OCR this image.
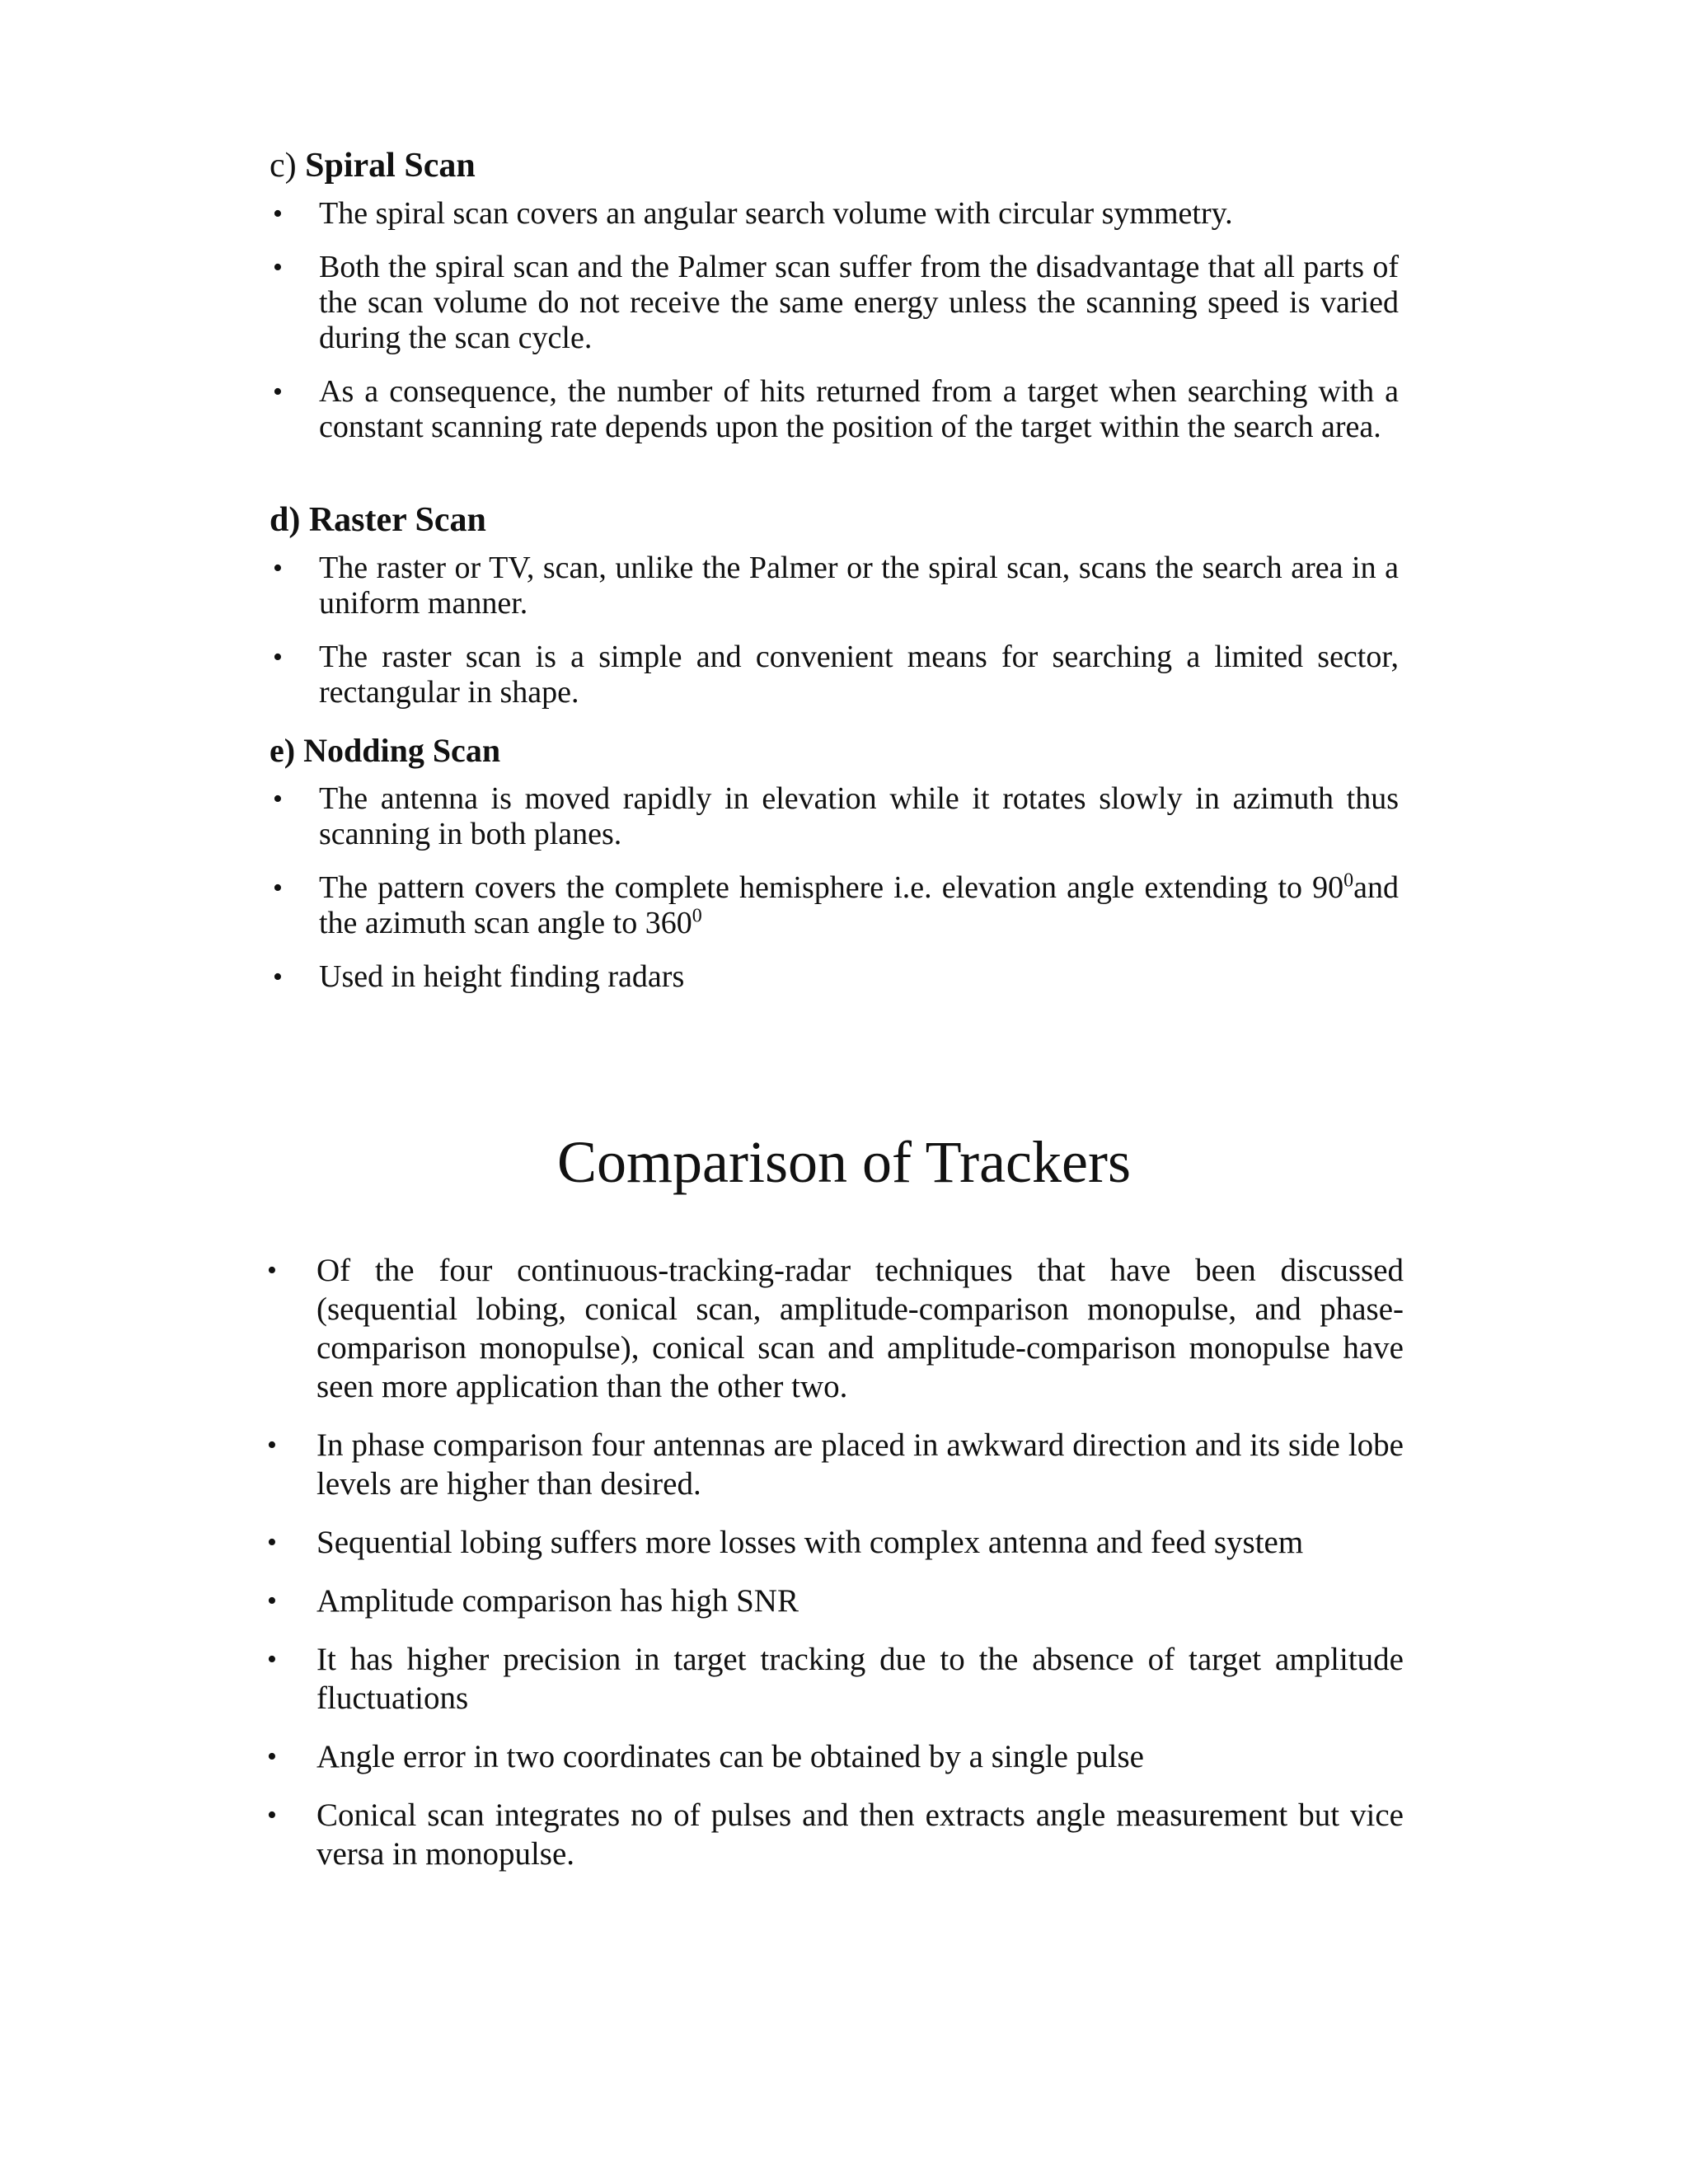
c) Spiral Scan
• The spiral scan covers an angular search volume with circular symmetry.
• Both the spiral scan and the Palmer scan suffer from the disadvantage that all parts of the scan volume do not receive the same energy unless the scanning speed is varied during the scan cycle.
• As a consequence, the number of hits returned from a target when searching with a constant scanning rate depends upon the position of the target within the search area.
d) Raster Scan
• The raster or TV, scan, unlike the Palmer or the spiral scan, scans the search area in a uniform manner.
• The raster scan is a simple and convenient means for searching a limited sector, rectangular in shape.
e) Nodding Scan
• The antenna is moved rapidly in elevation while it rotates slowly in azimuth thus scanning in both planes.
• The pattern covers the complete hemisphere i.e. elevation angle extending to $90^0and$ the azimuth scan angle to $360^0$
• Used in height finding radars
Comparison of Trackers
• Of the four continuous-tracking-radar techniques that have been discussed (sequential lobing, conical scan, amplitude-comparison monopulse, and phase-comparison monopulse), conical scan and amplitude-comparison monopulse have seen more application than the other two.
• In phase comparison four antennas are placed in awkward direction and its side lobe levels are higher than desired.
• Sequential lobing suffers more losses with complex antenna and feed system
• Amplitude comparison has high SNR
• It has higher precision in target tracking due to the absence of target amplitude fluctuations
• Angle error in two coordinates can be obtained by a single pulse
• Conical scan integrates no of pulses and then extracts angle measurement but vice versa in monopulse.
